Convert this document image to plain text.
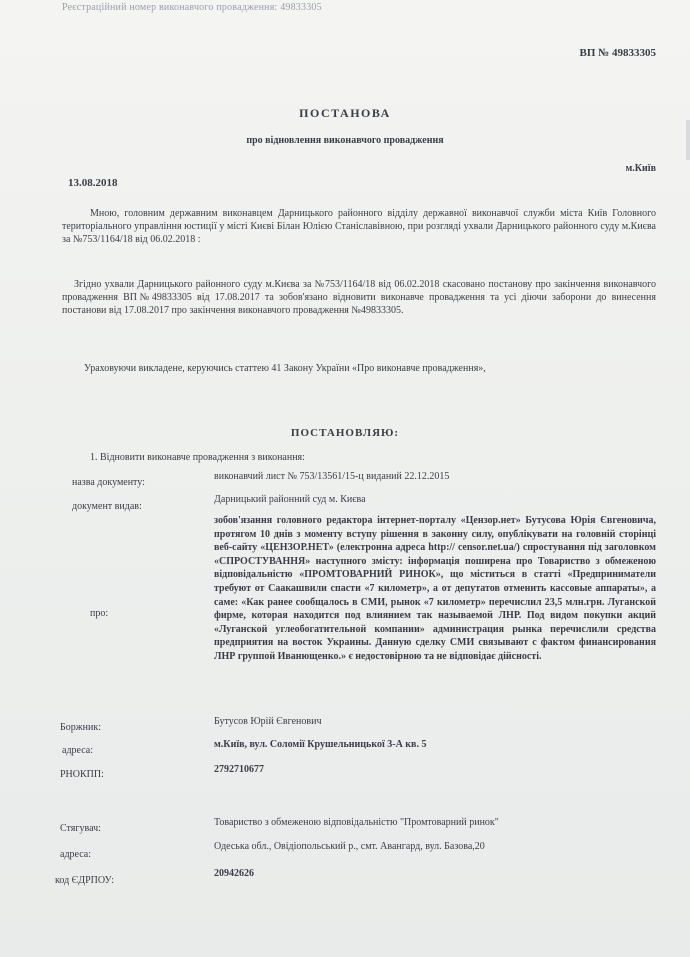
Реєстраційний номер виконавчого провадження: 49833305
ВП № 49833305
ПОСТАНОВА
про відновлення виконавчого провадження
м.Київ
13.08.2018
Мною, головним державним виконавцем Дарницького районного відділу державної виконавчої служби міста Київ Головного територіального управління юстиції у місті Києві Білан Юлією Станіславівною, при розгляді ухвали Дарницького районного суду м.Києва за №753/1164/18 від 06.02.2018 :
Згідно ухвали Дарницького районного суду м.Києва за №753/1164/18 від 06.02.2018 скасовано постанову про закінчення виконавчого провадження ВП№49833305 від 17.08.2017 та зобов'язано відновити виконавче провадження та усі діючи заборони до винесення постанови від 17.08.2017 про закінчення виконавчого провадження №49833305.
Ураховуючи викладене, керуючись статтею 41 Закону України «Про виконавче провадження»,
ПОСТАНОВЛЯЮ:
1. Відновити виконавче провадження з виконання:
назва документу:
виконавчий лист № 753/13561/15-ц виданий 22.12.2015
документ видав:
Дарницький районний суд м. Києва
про:
зобов'язання головного редактора інтернет-порталу «Цензор.нет» Бутусова Юрія Євгеновича, протягом 10 днів з моменту вступу рішення в законну силу, опублікувати на головній сторінці веб-сайту «ЦЕНЗОР.НЕТ» (електронна адреса http:// censor.net.ua/) спростування під заголовком «СПРОСТУВАННЯ» наступного змісту: інформація поширена про Товариство з обмеженою відповідальністю «ПРОМТОВАРНИЙ РИНОК», що міститься в статті «Предприниматели требуют от Саакашвили спасти «7 километр», а от депутатов отменить кассовые аппараты», а саме: «Как ранее сообщалось в СМИ, рынок «7 километр» перечислил 23,5 млн.грн. Луганской фирме, которая находится под влиянием так называемой ЛНР. Под видом покупки акций «Луганской углеобогатительной компании» администрация рынка перечислили средства предприятия на восток Украины. Данную сделку СМИ связывают с фактом финансирования ЛНР группой Иванющенко.» є недостовірною та не відповідає дійсності.
Боржник:
Бутусов Юрій Євгенович
адреса:
м.Київ, вул. Соломії Крушельницької 3-А кв. 5
РНОКПП:	2792710677
Стягувач:
Товариство з обмеженою відповідальністю "Промтоварний ринок"
адреса:
Одеська обл., Овідіопольський р., смт. Авангард, вул. Базова,20
код ЄДРПОУ:
20942626
